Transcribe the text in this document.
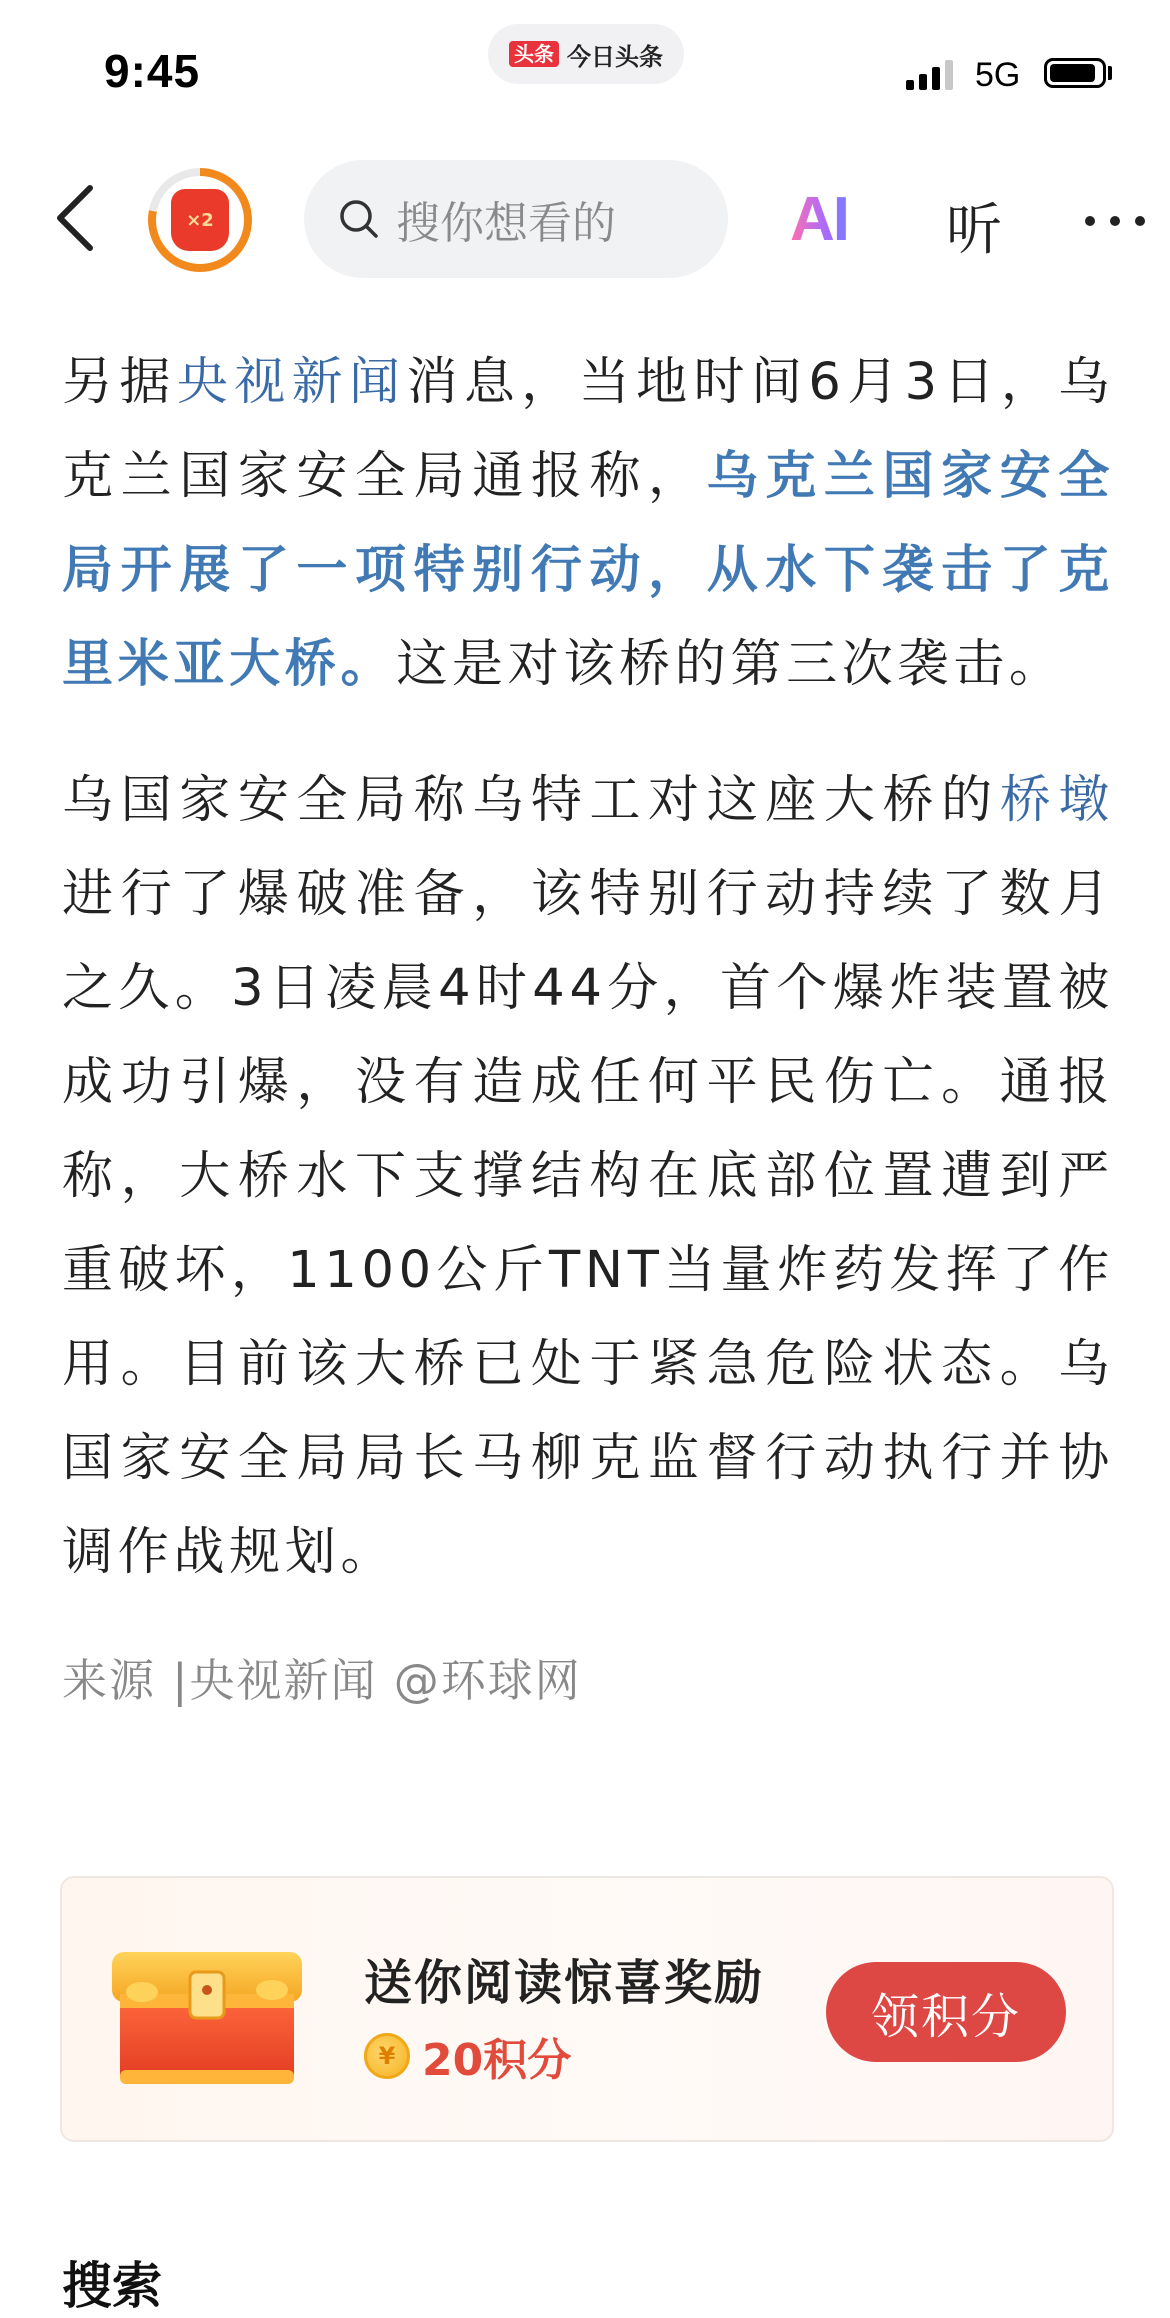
9:45	头条 今日头条	5G
×2	搜你想看的	AI	听

另据央视新闻消息，当地时间6月3日，乌克兰国家安全局通报称，乌克兰国家安全局开展了一项特别行动，从水下袭击了克里米亚大桥。这是对该桥的第三次袭击。

乌国家安全局称乌特工对这座大桥的桥墩进行了爆破准备，该特别行动持续了数月之久。3日凌晨4时44分，首个爆炸装置被成功引爆，没有造成任何平民伤亡。通报称，大桥水下支撑结构在底部位置遭到严重破坏，1100公斤TNT当量炸药发挥了作用。目前该大桥已处于紧急危险状态。乌国家安全局局长马柳克监督行动执行并协调作战规划。

来源 |央视新闻 @环球网
送你阅读惊喜奖励
¥ 20积分
领积分
搜索
